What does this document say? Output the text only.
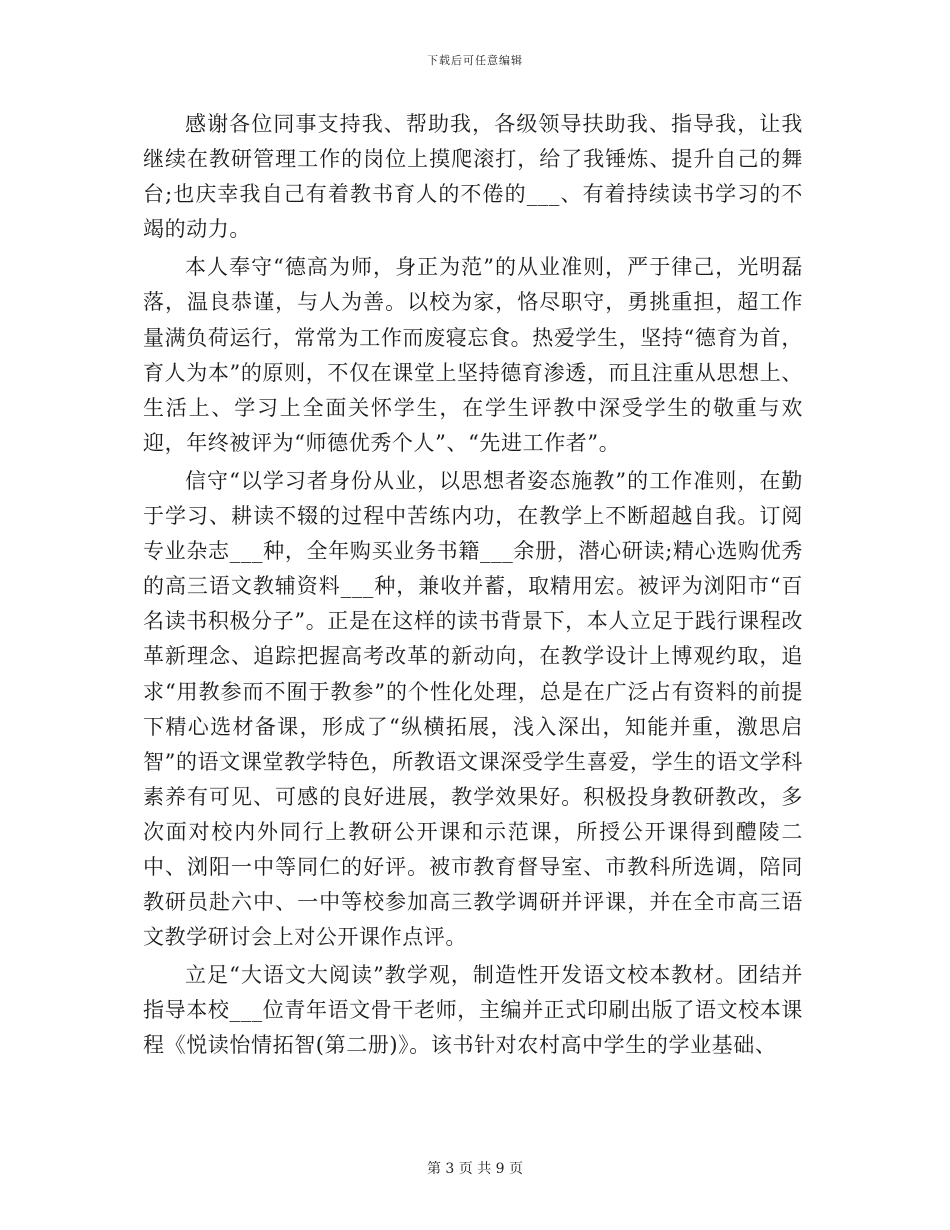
下载后可任意编辑

感谢各位同事支持我、帮助我，各级领导扶助我、指导我，让我继续在教研管理工作的岗位上摸爬滚打，给了我锤炼、提升自己的舞台;也庆幸我自己有着教书育人的不倦的___、有着持续读书学习的不竭的动力。

本人奉守“德高为师，身正为范”的从业准则，严于律己，光明磊落，温良恭谨，与人为善。以校为家，恪尽职守，勇挑重担，超工作量满负荷运行，常常为工作而废寝忘食。热爱学生，坚持“德育为首，育人为本”的原则，不仅在课堂上坚持德育渗透，而且注重从思想上、生活上、学习上全面关怀学生，在学生评教中深受学生的敬重与欢迎，年终被评为“师德优秀个人”、“先进工作者”。

信守“以学习者身份从业，以思想者姿态施教”的工作准则，在勤于学习、耕读不辍的过程中苦练内功，在教学上不断超越自我。订阅专业杂志___种，全年购买业务书籍___余册，潜心研读;精心选购优秀的高三语文教辅资料___种，兼收并蓄，取精用宏。被评为浏阳市“百名读书积极分子”。正是在这样的读书背景下，本人立足于践行课程改革新理念、追踪把握高考改革的新动向，在教学设计上博观约取，追求“用教参而不囿于教参”的个性化处理，总是在广泛占有资料的前提下精心选材备课，形成了“纵横拓展，浅入深出，知能并重，激思启智”的语文课堂教学特色，所教语文课深受学生喜爱，学生的语文学科素养有可见、可感的良好进展，教学效果好。积极投身教研教改，多次面对校内外同行上教研公开课和示范课，所授公开课得到醴陵二中、浏阳一中等同仁的好评。被市教育督导室、市教科所选调，陪同教研员赴六中、一中等校参加高三教学调研并评课，并在全市高三语文教学研讨会上对公开课作点评。

立足“大语文大阅读”教学观，制造性开发语文校本教材。团结并指导本校___位青年语文骨干老师，主编并正式印刷出版了语文校本课程《悦读怡情拓智(第二册)》。该书针对农村高中学生的学业基础、

第 3 页 共 9 页
